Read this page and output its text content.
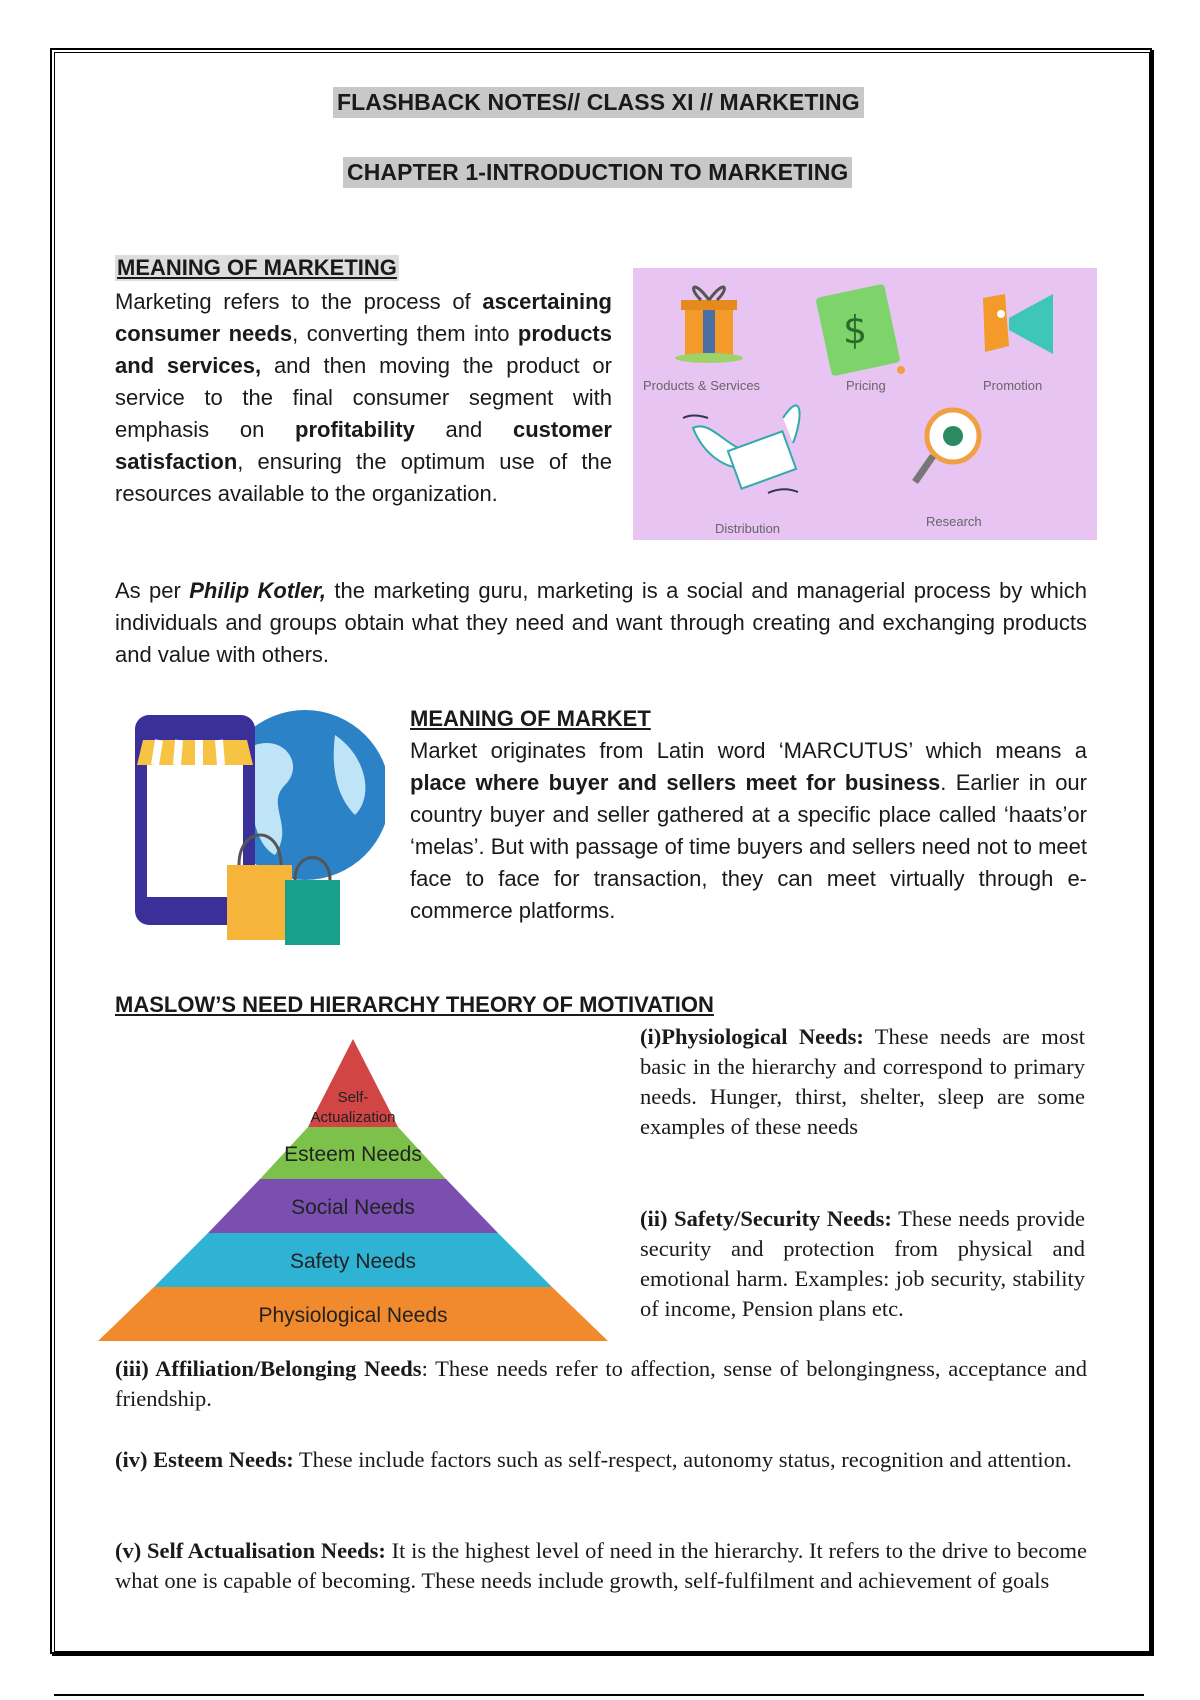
FLASHBACK NOTES// CLASS XI // MARKETING
CHAPTER 1-INTRODUCTION TO MARKETING
MEANING OF MARKETING
Marketing refers to the process of ascertaining consumer needs, converting them into products and services, and then moving the product or service to the final consumer segment with emphasis on profitability and customer satisfaction, ensuring the optimum use of the resources available to the organization.
$
Products & Services	Pricing	Promotion
Distribution	Research
As per Philip Kotler, the marketing guru, marketing is a social and managerial process by which individuals and groups obtain what they need and want through creating and exchanging products and value with others.
MEANING OF MARKET
Market originates from Latin word ‘MARCUTUS’ which means a place where buyer and sellers meet for business. Earlier in our country buyer and seller gathered at a specific place called ‘haats’or ‘melas’. But with passage of time buyers and sellers need not to meet face to face for transaction, they can meet virtually through e-commerce platforms.
MASLOW’S NEED HIERARCHY THEORY OF MOTIVATION
Self-
Actualization
Esteem Needs
Social Needs
Safety Needs
Physiological Needs
(i)Physiological Needs: These needs are most basic in the hierarchy and correspond to primary needs. Hunger, thirst, shelter, sleep are some examples of these needs
(ii) Safety/Security Needs: These needs provide security and protection from physical and emotional harm. Examples: job security, stability of income, Pension plans etc.
(iii) Affiliation/Belonging Needs: These needs refer to affection, sense of belongingness, acceptance and friendship.
(iv) Esteem Needs: These include factors such as self-respect, autonomy status, recognition and attention.
(v) Self Actualisation Needs: It is the highest level of need in the hierarchy. It refers to the drive to become what one is capable of becoming. These needs include growth, self-fulfilment and achievement of goals
